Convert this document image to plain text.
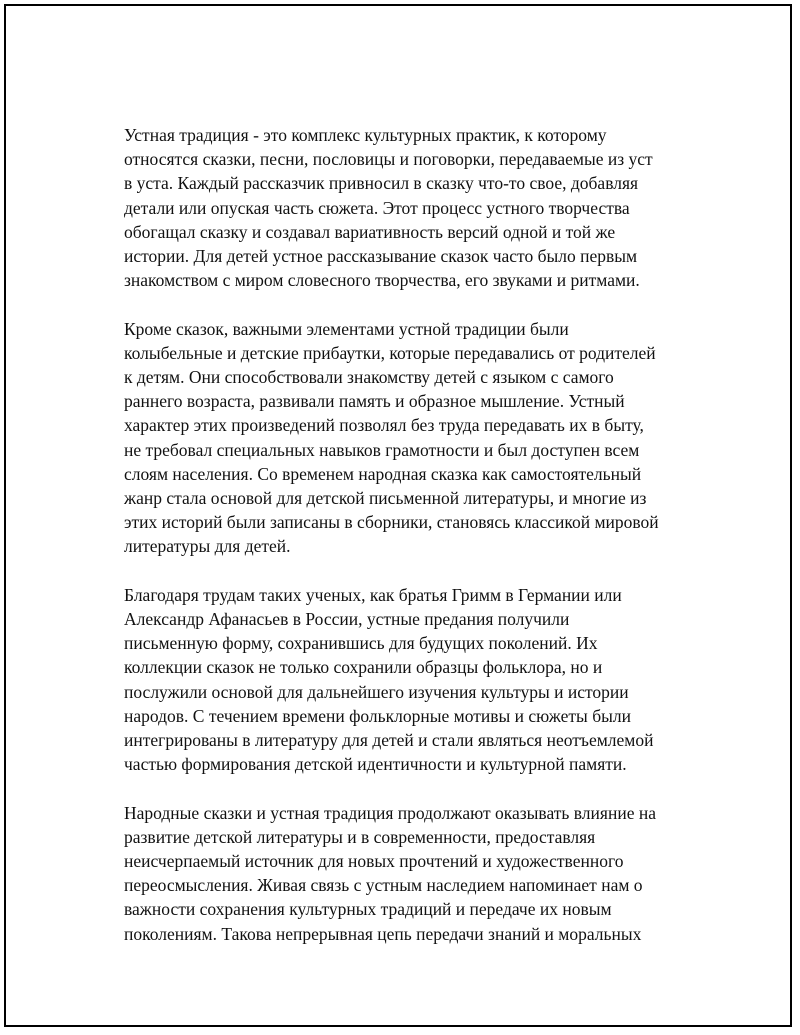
Устная традиция - это комплекс культурных практик, к которому
относятся сказки, песни, пословицы и поговорки, передаваемые из уст
в уста. Каждый рассказчик привносил в сказку что-то свое, добавляя
детали или опуская часть сюжета. Этот процесс устного творчества
обогащал сказку и создавал вариативность версий одной и той же
истории. Для детей устное рассказывание сказок часто было первым
знакомством с миром словесного творчества, его звуками и ритмами.

Кроме сказок, важными элементами устной традиции были
колыбельные и детские прибаутки, которые передавались от родителей
к детям. Они способствовали знакомству детей с языком с самого
раннего возраста, развивали память и образное мышление. Устный
характер этих произведений позволял без труда передавать их в быту,
не требовал специальных навыков грамотности и был доступен всем
слоям населения. Со временем народная сказка как самостоятельный
жанр стала основой для детской письменной литературы, и многие из
этих историй были записаны в сборники, становясь классикой мировой
литературы для детей.

Благодаря трудам таких ученых, как братья Гримм в Германии или
Александр Афанасьев в России, устные предания получили
письменную форму, сохранившись для будущих поколений. Их
коллекции сказок не только сохранили образцы фольклора, но и
послужили основой для дальнейшего изучения культуры и истории
народов. С течением времени фольклорные мотивы и сюжеты были
интегрированы в литературу для детей и стали являться неотъемлемой
частью формирования детской идентичности и культурной памяти.

Народные сказки и устная традиция продолжают оказывать влияние на
развитие детской литературы и в современности, предоставляя
неисчерпаемый источник для новых прочтений и художественного
переосмысления. Живая связь с устным наследием напоминает нам о
важности сохранения культурных традиций и передаче их новым
поколениям. Такова непрерывная цепь передачи знаний и моральных
